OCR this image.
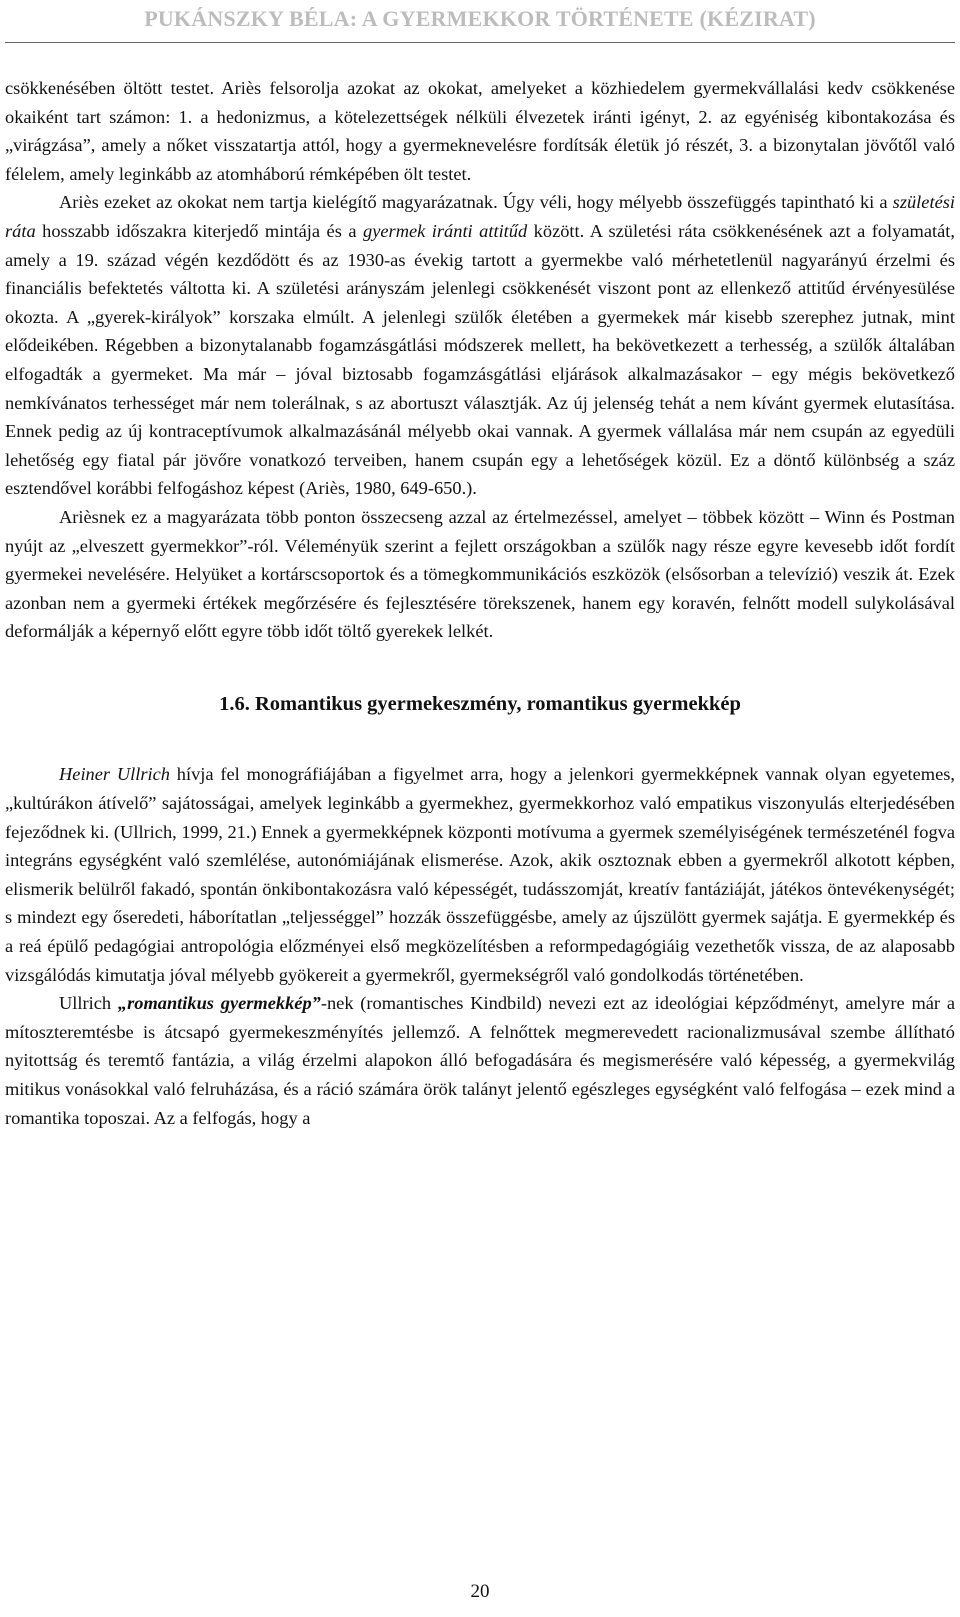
PUKÁNSZKY BÉLA: A GYERMEKKOR TÖRTÉNETE (KÉZIRAT)

csökkenésében öltött testet. Ariès felsorolja azokat az okokat, amelyeket a közhiedelem gyermekvállalási kedv csökkenése okaiként tart számon: 1. a hedonizmus, a kötelezettségek nélküli élvezetek iránti igényt, 2. az egyéniség kibontakozása és „virágzása”, amely a nőket visszatartja attól, hogy a gyermeknevelésre fordítsák életük jó részét, 3. a bizonytalan jövőtől való félelem, amely leginkább az atomháború rémképében ölt testet.

Ariès ezeket az okokat nem tartja kielégítő magyarázatnak. Úgy véli, hogy mélyebb összefüggés tapintható ki a születési ráta hosszabb időszakra kiterjedő mintája és a gyermek iránti attitűd között. A születési ráta csökkenésének azt a folyamatát, amely a 19. század végén kezdődött és az 1930-as évekig tartott a gyermekbe való mérhetetlenül nagyarányú érzelmi és financiális befektetés váltotta ki. A születési arányszám jelenlegi csökkenését viszont pont az ellenkező attitűd érvényesülése okozta. A „gyerek-királyok” korszaka elmúlt. A jelenlegi szülők életében a gyermekek már kisebb szerephez jutnak, mint elődeikében. Régebben a bizonytalanabb fogamzásgátlási módszerek mellett, ha bekövetkezett a terhesség, a szülők általában elfogadták a gyermeket. Ma már – jóval biztosabb fogamzásgátlási eljárások alkalmazásakor – egy mégis bekövetkező nemkívánatos terhességet már nem tolerálnak, s az abortuszt választják. Az új jelenség tehát a nem kívánt gyermek elutasítása. Ennek pedig az új kontraceptívumok alkalmazásánál mélyebb okai vannak. A gyermek vállalása már nem csupán az egyedüli lehetőség egy fiatal pár jövőre vonatkozó terveiben, hanem csupán egy a lehetőségek közül. Ez a döntő különbség a száz esztendővel korábbi felfogáshoz képest (Ariès, 1980, 649-650.).

Arièsnek ez a magyarázata több ponton összecseng azzal az értelmezéssel, amelyet – többek között – Winn és Postman nyújt az „elveszett gyermekkor”-ról. Véleményük szerint a fejlett országokban a szülők nagy része egyre kevesebb időt fordít gyermekei nevelésére. Helyüket a kortárscsoportok és a tömegkommunikációs eszközök (elsősorban a televízió) veszik át. Ezek azonban nem a gyermeki értékek megőrzésére és fejlesztésére törekszenek, hanem egy koravén, felnőtt modell sulykolásával deformálják a képernyő előtt egyre több időt töltő gyerekek lelkét.

1.6. Romantikus gyermekeszmény, romantikus gyermekkép

Heiner Ullrich hívja fel monográfiájában a figyelmet arra, hogy a jelenkori gyermekképnek vannak olyan egyetemes, „kultúrákon átívelő” sajátosságai, amelyek leginkább a gyermekhez, gyermekkorhoz való empatikus viszonyulás elterjedésében fejeződnek ki. (Ullrich, 1999, 21.) Ennek a gyermekképnek központi motívuma a gyermek személyiségének természeténél fogva integráns egységként való szemlélése, autonómiájának elismerése. Azok, akik osztoznak ebben a gyermekről alkotott képben, elismerik belülről fakadó, spontán önkibontakozásra való képességét, tudásszomját, kreatív fantáziáját, játékos öntevékenységét; s mindezt egy őseredeti, háborítatlan „teljességgel” hozzák összefüggésbe, amely az újszülött gyermek sajátja. E gyermekkép és a reá épülő pedagógiai antropológia előzményei első megközelítésben a reformpedagógiáig vezethetők vissza, de az alaposabb vizsgálódás kimutatja jóval mélyebb gyökereit a gyermekről, gyermekségről való gondolkodás történetében.

Ullrich „romantikus gyermekkép”-nek (romantisches Kindbild) nevezi ezt az ideológiai képződményt, amelyre már a mítoszteremtésbe is átcsapó gyermekeszményítés jellemző. A felnőttek megmerevedett racionalizmusával szembe állítható nyitottság és teremtő fantázia, a világ érzelmi alapokon álló befogadására és megismerésére való képesség, a gyermekvilág mitikus vonásokkal való felruházása, és a ráció számára örök talányt jelentő egészleges egységként való felfogása – ezek mind a romantika toposzai. Az a felfogás, hogy a

20
